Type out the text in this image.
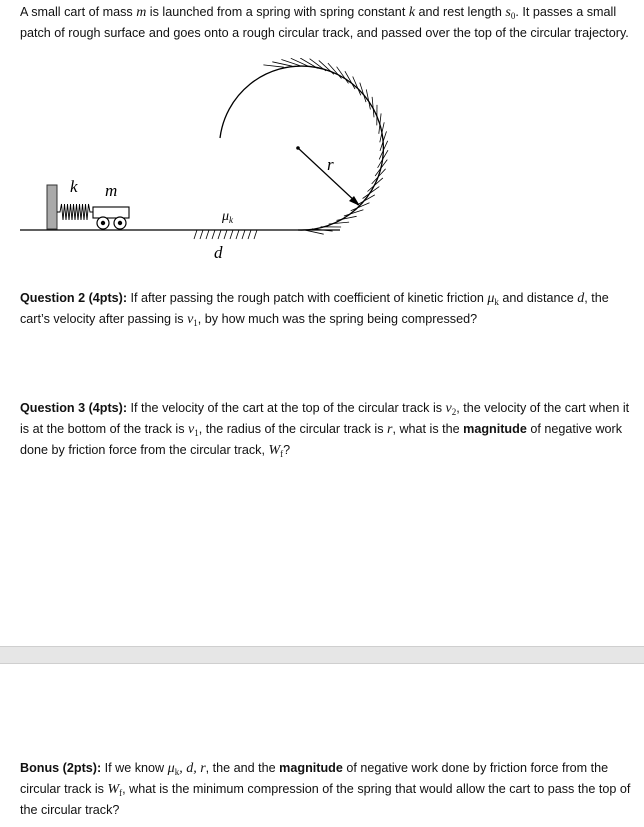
A small cart of mass m is launched from a spring with spring constant k and rest length $s_0$. It passes a small patch of rough surface and goes onto a rough circular track, and passed over the top of the circular trajectory.

k m
$\mu_k$
d
r

Question 2 (4pts): If after passing the rough patch with coefficient of kinetic friction $\mu_k$ and distance d, the cart’s velocity after passing is $v_1$, by how much was the spring being compressed?

Question 3 (4pts): If the velocity of the cart at the top of the circular track is $v_2$, the velocity of the cart when it is at the bottom of the track is $v_1$, the radius of the circular track is r, what is the magnitude of negative work done by friction force from the circular track, $W_f$?

Bonus (2pts): If we know $\mu_k$, d, r, the and the magnitude of negative work done by friction force from the circular track is $W_f$, what is the minimum compression of the spring that would allow the cart to pass the top of the circular track?
